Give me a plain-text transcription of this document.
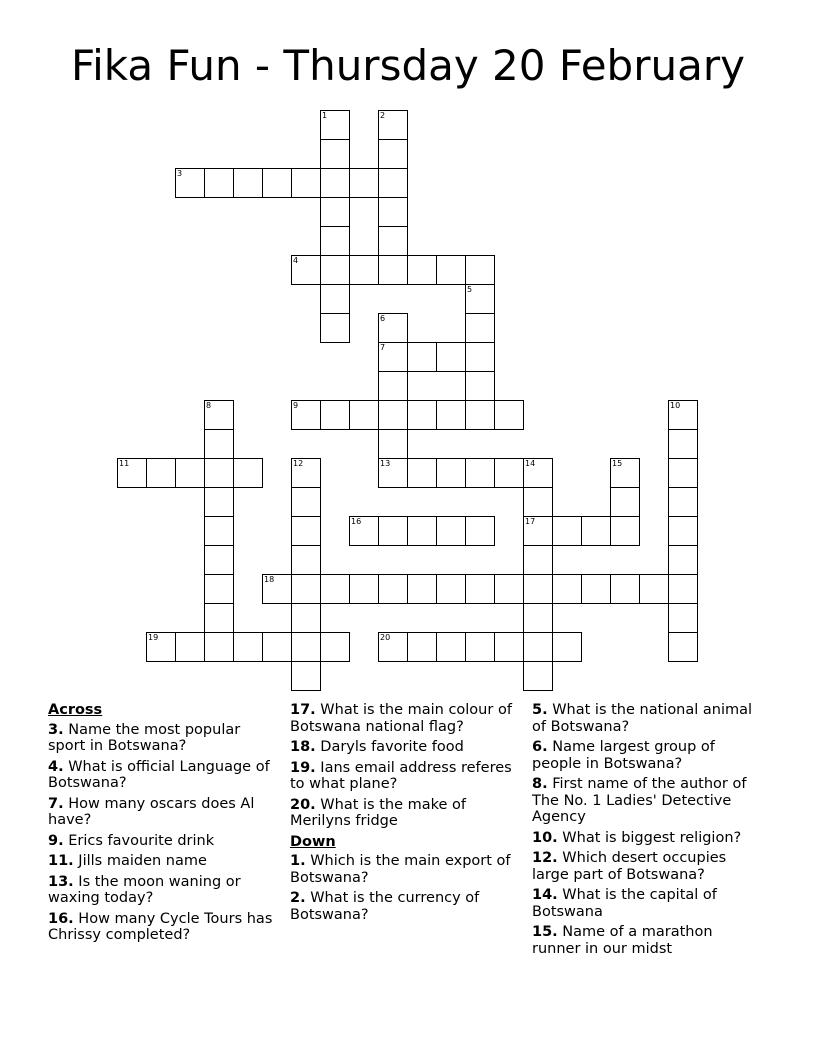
Fika Fun - Thursday 20 February
1	2
3
4
5
6
7
13
8	9	10
11	12	14
17
15
16
18
19	20
Across
3. Name the most popular sport in Botswana?
4. What is official Language of Botswana?
7. How many oscars does Al have?
9. Erics favourite drink
11. Jills maiden name
13. Is the moon waning or waxing today?
16. How many Cycle Tours has Chrissy completed?
17. What is the main colour of Botswana national flag?
18. Daryls favorite food
19. Ians email address referes to what plane?
20. What is the make of Merilyns fridge
Down
1. Which is the main export of Botswana?
2. What is the currency of Botswana?
5. What is the national animal of Botswana?
6. Name largest group of people in Botswana?
8. First name of the author of The No. 1 Ladies' Detective Agency
10. What is biggest religion?
12. Which desert occupies large part of Botswana?
14. What is the capital of Botswana
15. Name of a marathon runner in our midst
